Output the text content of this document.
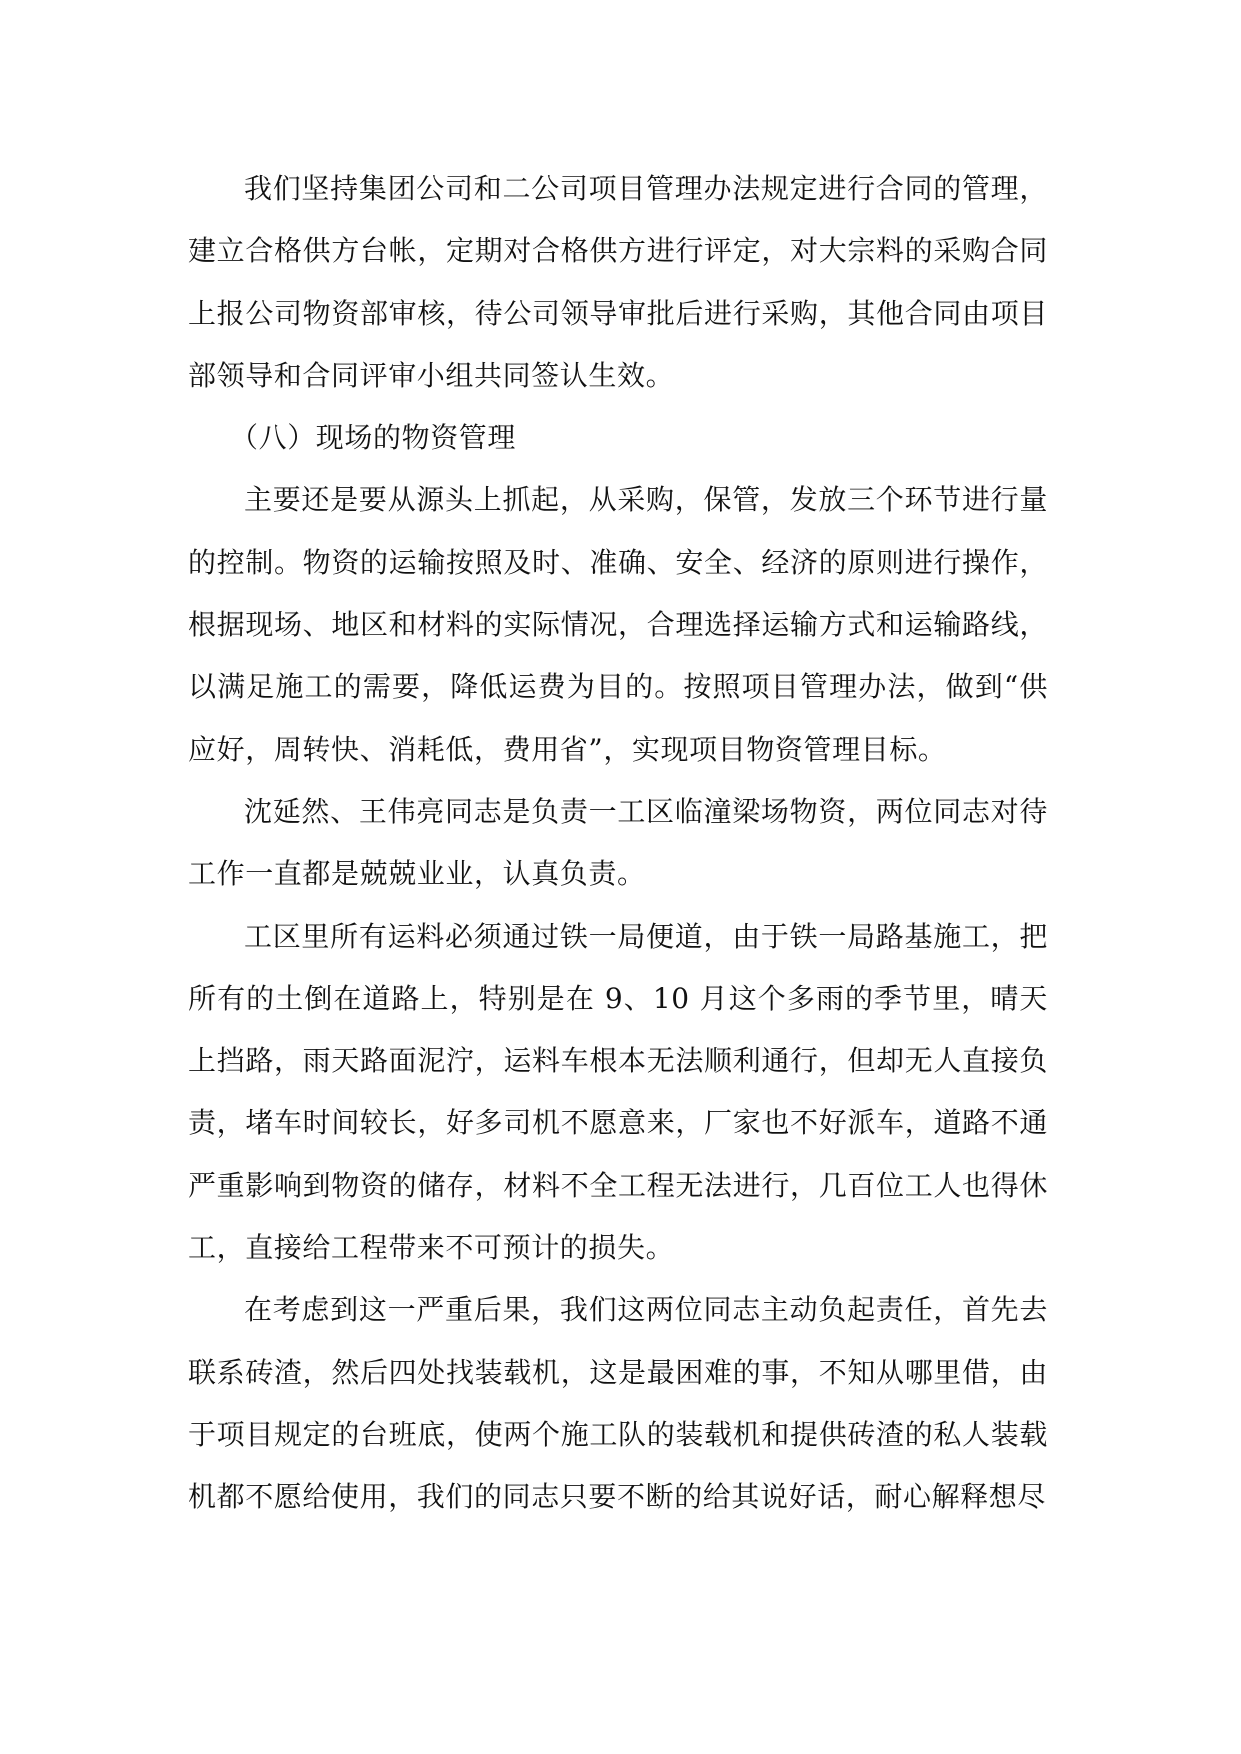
我们坚持集团公司和二公司项目管理办法规定进行合同的管理，建立合格供方台帐，定期对合格供方进行评定，对大宗料的采购合同上报公司物资部审核，待公司领导审批后进行采购，其他合同由项目部领导和合同评审小组共同签认生效。

（八）现场的物资管理

主要还是要从源头上抓起，从采购，保管，发放三个环节进行量的控制。物资的运输按照及时、准确、安全、经济的原则进行操作，根据现场、地区和材料的实际情况，合理选择运输方式和运输路线，以满足施工的需要，降低运费为目的。按照项目管理办法，做到“供应好，周转快、消耗低，费用省”，实现项目物资管理目标。

沈延然、王伟亮同志是负责一工区临潼梁场物资，两位同志对待工作一直都是兢兢业业，认真负责。

工区里所有运料必须通过铁一局便道，由于铁一局路基施工，把所有的土倒在道路上，特别是在 9、10 月这个多雨的季节里，晴天上挡路，雨天路面泥泞，运料车根本无法顺利通行，但却无人直接负责，堵车时间较长，好多司机不愿意来，厂家也不好派车，道路不通严重影响到物资的储存，材料不全工程无法进行，几百位工人也得休工，直接给工程带来不可预计的损失。

在考虑到这一严重后果，我们这两位同志主动负起责任，首先去联系砖渣，然后四处找装载机，这是最困难的事，不知从哪里借，由于项目规定的台班底，使两个施工队的装载机和提供砖渣的私人装载机都不愿给使用，我们的同志只要不断的给其说好话，耐心解释想尽
